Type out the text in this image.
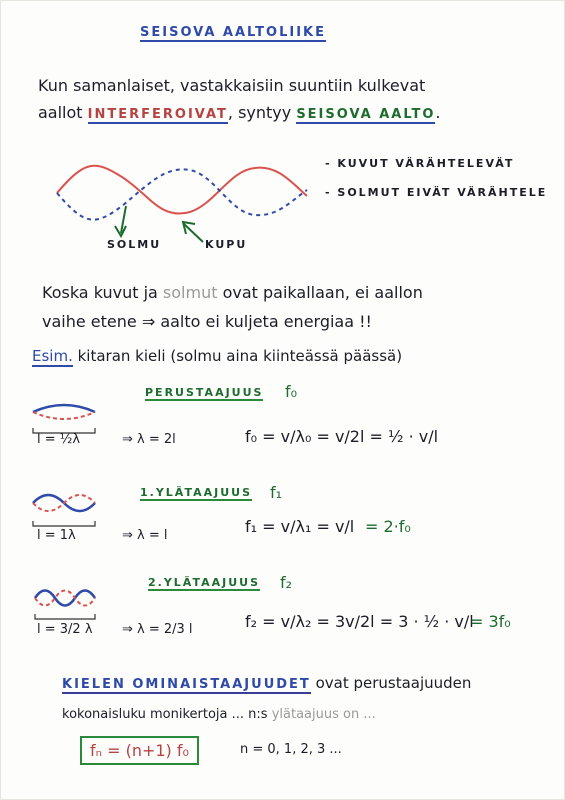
SEISOVA AALTOLIIKE
Kun samanlaiset, vastakkaisiin suuntiin kulkevat
aallot INTERFEROIVAT, syntyy SEISOVA AALTO.
- KUVUT VÄRÄHTELEVÄT
- SOLMUT EIVÄT VÄRÄHTELE
SOLMU	KUPU
Koska kuvut ja solmut ovat paikallaan, ei aallon
vaihe etene ⇒ aalto ei kuljeta energiaa !!
Esim. kitaran kieli (solmu aina kiinteässä päässä)
PERUSTAAJUUS f₀
l = ½λ	⇒ λ = 2l	f₀ = v/λ₀ = v/2l = ½ · v/l
1.YLÄTAAJUUS f₁
l = 1λ	⇒ λ = l	f₁ = v/λ₁ = v/l = 2·f₀
2.YLÄTAAJUUS f₂
l = 3/2 λ ⇒ λ = 2/3 l	f₂ = v/λ₂ = 3v/2l = 3 · ½ · v/l
= 3f₀
KIELEN OMINAISTAAJUUDET ovat perustaajuuden
kokonaisluku monikertoja ... n:s ylätaajuus on ...
fₙ = (n+1) f₀	n = 0, 1, 2, 3 ...
